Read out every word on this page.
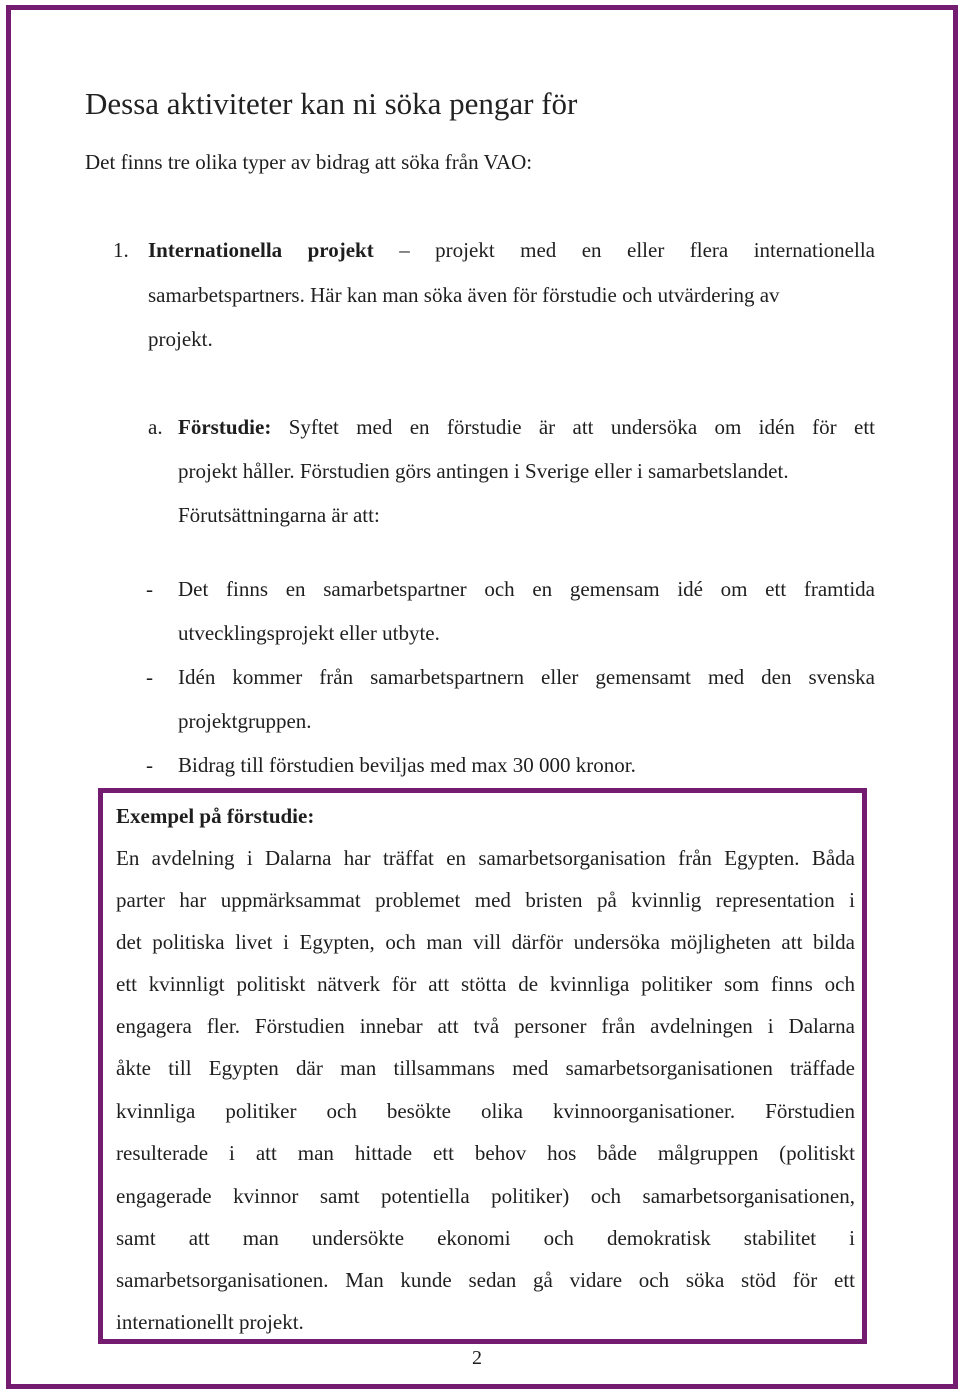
Dessa aktiviteter kan ni söka pengar för
Det finns tre olika typer av bidrag att söka från VAO:
1. Internationella projekt – projekt med en eller flera internationella
samarbetspartners. Här kan man söka även för förstudie och utvärdering av
projekt.
a. Förstudie: Syftet med en förstudie är att undersöka om idén för ett
projekt håller. Förstudien görs antingen i Sverige eller i samarbetslandet.
Förutsättningarna är att:
- Det finns en samarbetspartner och en gemensam idé om ett framtida
utvecklingsprojekt eller utbyte.
- Idén kommer från samarbetspartnern eller gemensamt med den svenska
projektgruppen.
- Bidrag till förstudien beviljas med max 30 000 kronor.
Exempel på förstudie:
En avdelning i Dalarna har träffat en samarbetsorganisation från Egypten. Båda
parter har uppmärksammat problemet med bristen på kvinnlig representation i
det politiska livet i Egypten, och man vill därför undersöka möjligheten att bilda
ett kvinnligt politiskt nätverk för att stötta de kvinnliga politiker som finns och
engagera fler. Förstudien innebar att två personer från avdelningen i Dalarna
åkte till Egypten där man tillsammans med samarbetsorganisationen träffade
kvinnliga politiker och besökte olika kvinnoorganisationer. Förstudien
resulterade i att man hittade ett behov hos både målgruppen (politiskt
engagerade kvinnor samt potentiella politiker) och samarbetsorganisationen,
samt att man undersökte ekonomi och demokratisk stabilitet i
samarbetsorganisationen. Man kunde sedan gå vidare och söka stöd för ett
internationellt projekt.
2
